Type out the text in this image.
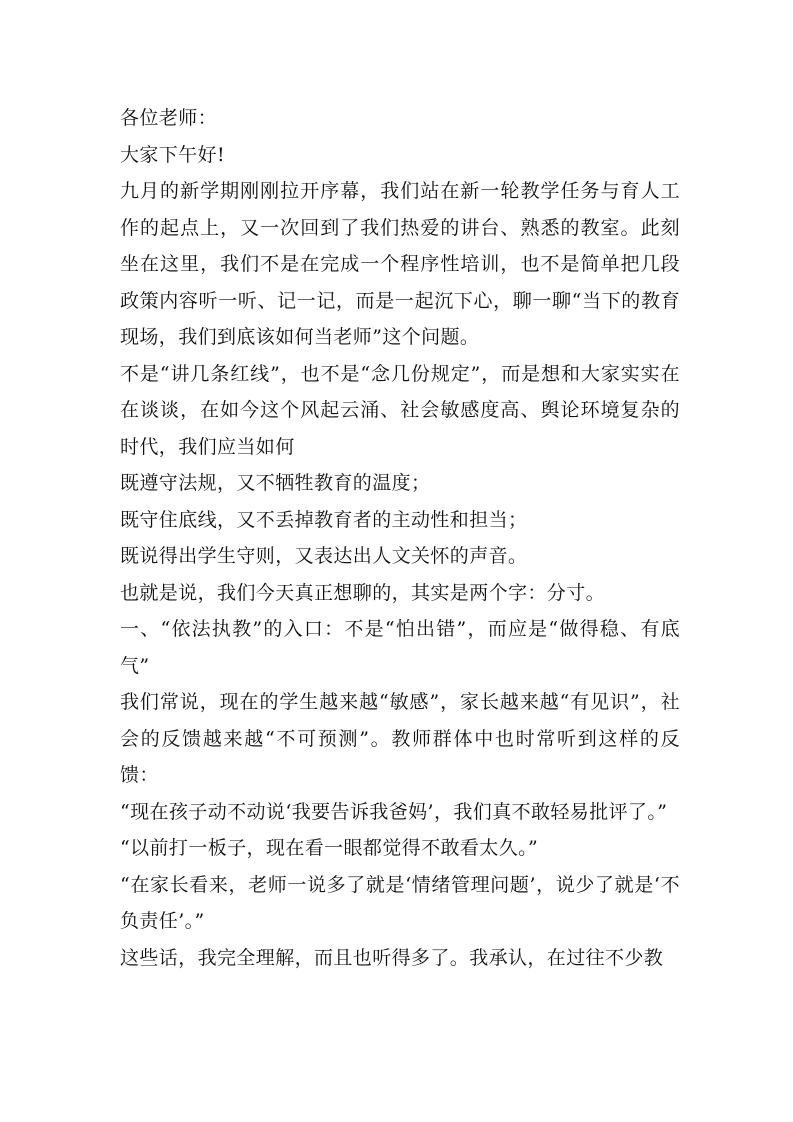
各位老师：

大家下午好!

九月的新学期刚刚拉开序幕，我们站在新一轮教学任务与育人工作的起点上，又一次回到了我们热爱的讲台、熟悉的教室。此刻坐在这里，我们不是在完成一个程序性培训，也不是简单把几段政策内容听一听、记一记，而是一起沉下心，聊一聊“当下的教育现场，我们到底该如何当老师”这个问题。

不是“讲几条红线”，也不是“念几份规定”，而是想和大家实实在在谈谈，在如今这个风起云涌、社会敏感度高、舆论环境复杂的时代，我们应当如何

既遵守法规，又不牺牲教育的温度；

既守住底线，又不丢掉教育者的主动性和担当；

既说得出学生守则，又表达出人文关怀的声音。

也就是说，我们今天真正想聊的，其实是两个字：分寸。

一、“依法执教”的入口：不是“怕出错”，而应是“做得稳、有底气”

我们常说，现在的学生越来越“敏感”，家长越来越“有见识”，社会的反馈越来越“不可预测”。教师群体中也时常听到这样的反馈：

“现在孩子动不动说‘我要告诉我爸妈’，我们真不敢轻易批评了。”

“以前打一板子，现在看一眼都觉得不敢看太久。”

“在家长看来，老师一说多了就是‘情绪管理问题’，说少了就是‘不负责任’。”

这些话，我完全理解，而且也听得多了。我承认，在过往不少教
